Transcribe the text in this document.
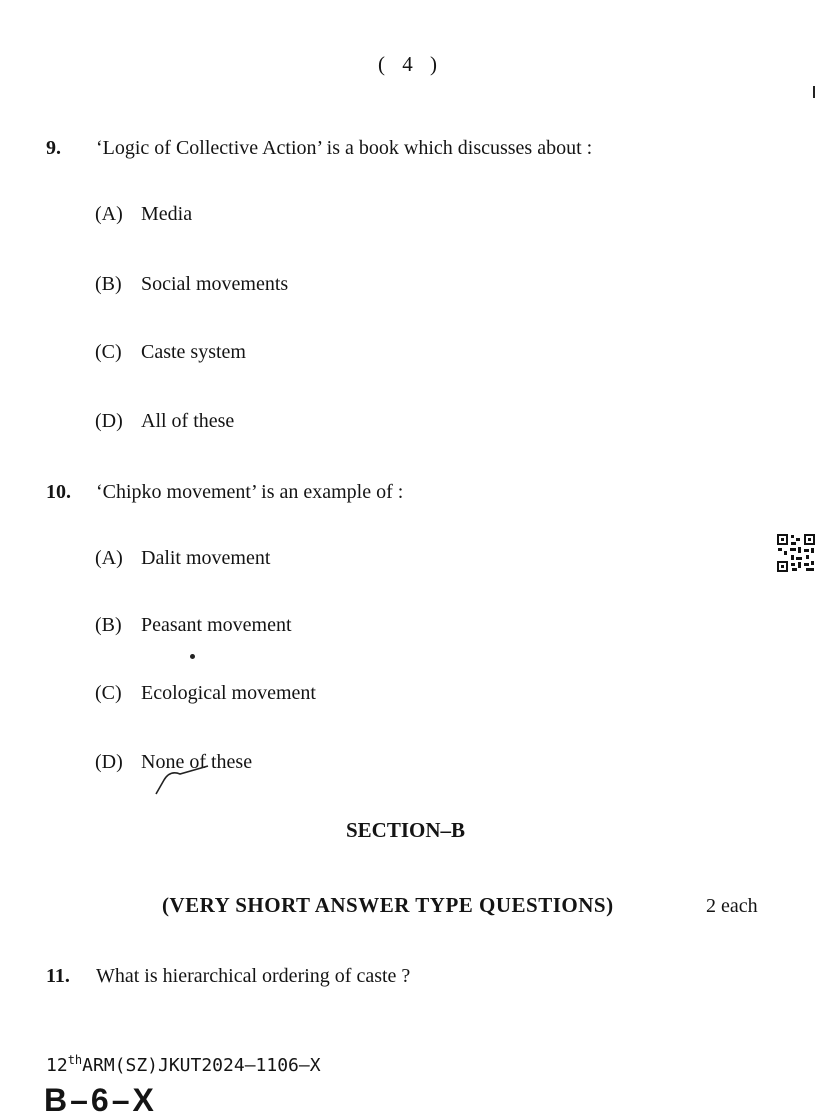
( 4 )
9. ‘Logic of Collective Action’ is a book which discusses about :
(A) Media
(B) Social movements
(C) Caste system
(D) All of these
10. ‘Chipko movement’ is an example of :
(A) Dalit movement
(B) Peasant movement
(C) Ecological movement
(D) None of these
SECTION–B
(VERY SHORT ANSWER TYPE QUESTIONS)	2 each
11. What is hierarchical ordering of caste ?
12thARM(SZ)JKUT2024–1106–X
B–6–X
